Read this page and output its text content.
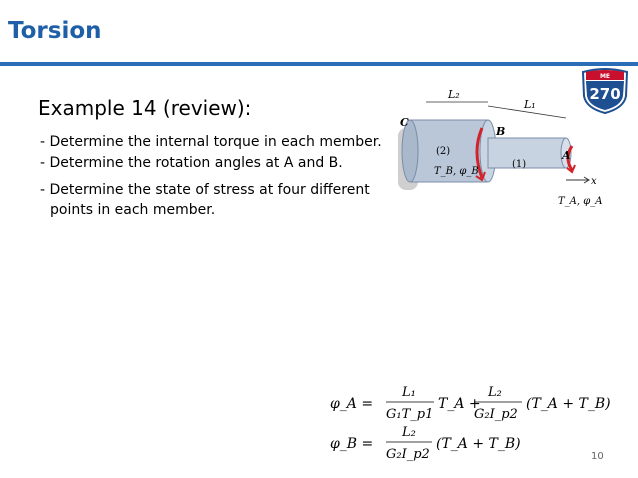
Torsion
ME
270
Example 14 (review):
- Determine the internal torque in each member.
- Determine the rotation angles at A and B.
- Determine the state of stress at four different
points in each member.
L₂
L₁
C
B
A
(2)
(1)
T_B, φ_B
T_A, φ_A
x
φ_A =
L₁
G₁T_p1
T_A +
L₂
G₂I_p2
(T_A + T_B)
φ_B =
L₂
G₂I_p2
(T_A + T_B)
10
